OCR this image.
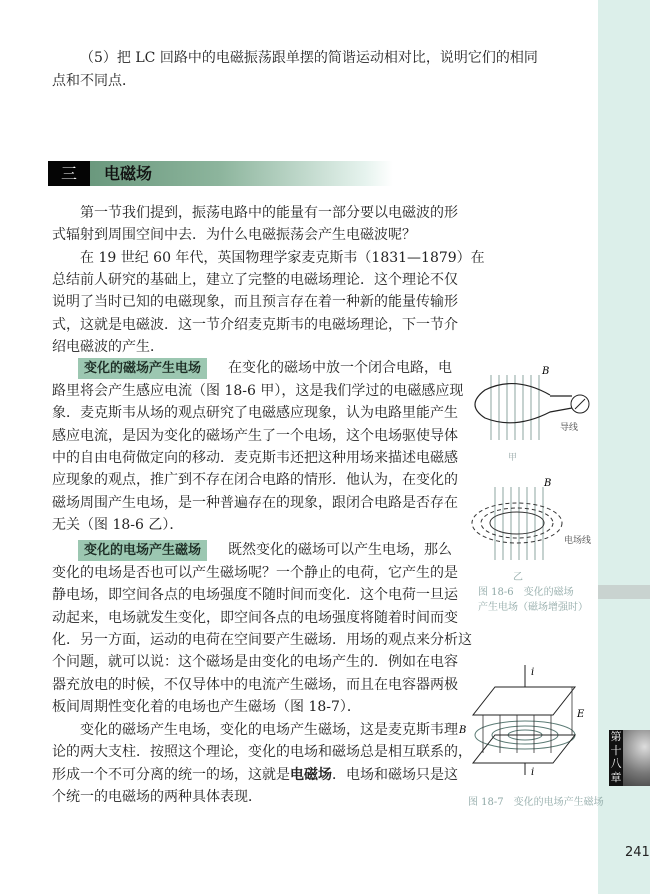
（5）把 LC 回路中的电磁振荡跟单摆的简谐运动相对比，说明它们的相同
点和不同点．
三	电磁场
第一节我们提到，振荡电路中的能量有一部分要以电磁波的形
式辐射到周围空间中去．为什么电磁振荡会产生电磁波呢？
在 19 世纪 60 年代，英国物理学家麦克斯韦（1831—1879）在
总结前人研究的基础上，建立了完整的电磁场理论．这个理论不仅
说明了当时已知的电磁现象，而且预言存在着一种新的能量传输形
式，这就是电磁波．这一节介绍麦克斯韦的电磁场理论，下一节介
绍电磁波的产生．
变化的磁场产生电场	在变化的磁场中放一个闭合电路，电
路里将会产生感应电流（图 18-6 甲），这是我们学过的电磁感应现
象．麦克斯韦从场的观点研究了电磁感应现象，认为电路里能产生
感应电流，是因为变化的磁场产生了一个电场，这个电场驱使导体
中的自由电荷做定向的移动．麦克斯韦还把这种用场来描述电磁感
应现象的观点，推广到不存在闭合电路的情形．他认为，在变化的
磁场周围产生电场，是一种普遍存在的现象，跟闭合电路是否存在
无关（图 18-6 乙）．
变化的电场产生磁场	既然变化的磁场可以产生电场，那么
变化的电场是否也可以产生磁场呢？一个静止的电荷，它产生的是
静电场，即空间各点的电场强度不随时间而变化．这个电荷一旦运
动起来，电场就发生变化，即空间各点的电场强度将随着时间而变
化．另一方面，运动的电荷在空间要产生磁场．用场的观点来分析这
个问题，就可以说：这个磁场是由变化的电场产生的．例如在电容
器充放电的时候，不仅导体中的电流产生磁场，而且在电容器两极
板间周期性变化着的电场也产生磁场（图 18-7）．
变化的磁场产生电场，变化的电场产生磁场，这是麦克斯韦理
论的两大支柱．按照这个理论，变化的电场和磁场总是相互联系的，
形成一个不可分离的统一的场，这就是电磁场．电场和磁场只是这
个统一的电磁场的两种具体表现．
B
导线
甲
B
电场线
乙
图 18-6　变化的磁场
产生电场（磁场增强时）
i
i
E
B
图 18-7　变化的电场产生磁场
第十八章
241
